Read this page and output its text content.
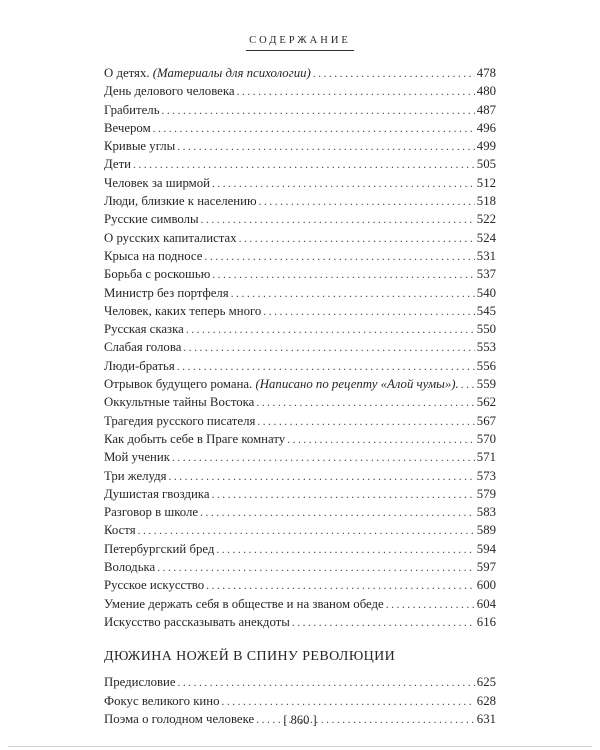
СОДЕРЖАНИЕ
О детях. (Материалы для психологии) .....	478
День делового человека .....	480
Грабитель .....	487
Вечером .....	496
Кривые углы .....	499
Дети .....	505
Человек за ширмой .....	512
Люди, близкие к населению .....	518
Русские символы .....	522
О русских капиталистах .....	524
Крыса на подносе .....	531
Борьба с роскошью .....	537
Министр без портфеля .....	540
Человек, каких теперь много .....	545
Русская сказка .....	550
Слабая голова .....	553
Люди-братья .....	556
Отрывок будущего романа. (Написано по рецепту «Алой чумы»). ..... 559
Оккультные тайны Востока .....	562
Трагедия русского писателя .....	567
Как добыть себе в Праге комнату .....	570
Мой ученик .....	571
Три желудя .....	573
Душистая гвоздика .....	579
Разговор в школе .....	583
Костя .....	589
Петербургский бред .....	594
Володька .....	597
Русское искусство .....	600
Умение держать себя в обществе и на званом обеде .....	604
Искусство рассказывать анекдоты .....	616
ДЮЖИНА НОЖЕЙ В СПИНУ РЕВОЛЮЦИИ
Предисловие .....	625
Фокус великого кино .....	628
Поэма о голодном человеке .....	631
[ 860 ]
